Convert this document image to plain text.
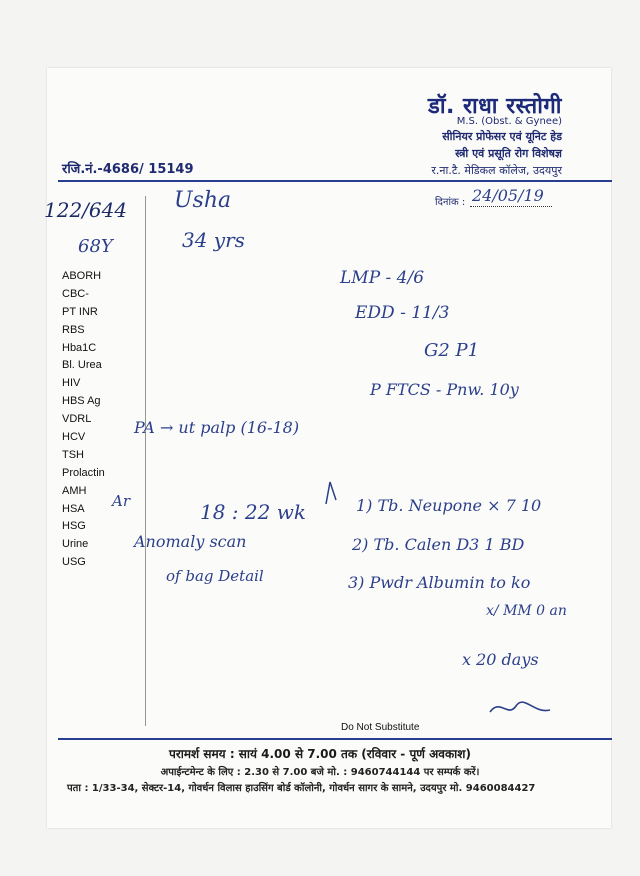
डॉ. राधा रस्तोगी
M.S. (Obst. & Gynee)
सीनियर प्रोफेसर एवं यूनिट हेड
स्त्री एवं प्रसूति रोग विशेषज्ञ
र.ना.टै. मेडिकल कॉलेज, उदयपुर
रजि.नं.-4686/ 15149
दिनांक : 24/05/19
122/644 Usha
34 yrs
68Y
ABORH
CBC-
PT INR
RBS
Hba1C
Bl. Urea
HIV
HBS Ag
VDRL
HCV
TSH
Prolactin
AMH
HSA
HSG
Urine
USG
LMP - 4/6
EDD - 11/3
G2 P1
P FTCS - Pnw. 10y
PA → ut palp (16-18)
Ar	18 : 22 wk
Anomaly scan
of bag Detail
1) Tb. Neupone × 7 10
2) Tb. Calen D3 1 BD
3) Pwdr Albumin to ko
x/ MM 0 an
x 20 days
Do Not Substitute
परामर्श समय : सायं 4.00 से 7.00 तक (रविवार - पूर्ण अवकाश)
अपाईन्टमेन्ट के लिए : 2.30 से 7.00 बजे मो. : 9460744144 पर सम्पर्क करें।
पता : 1/33-34, सेक्टर-14, गोवर्धन विलास हाउसिंग बोर्ड कॉलोनी, गोवर्धन सागर के सामने, उदयपुर मो. 9460084427
